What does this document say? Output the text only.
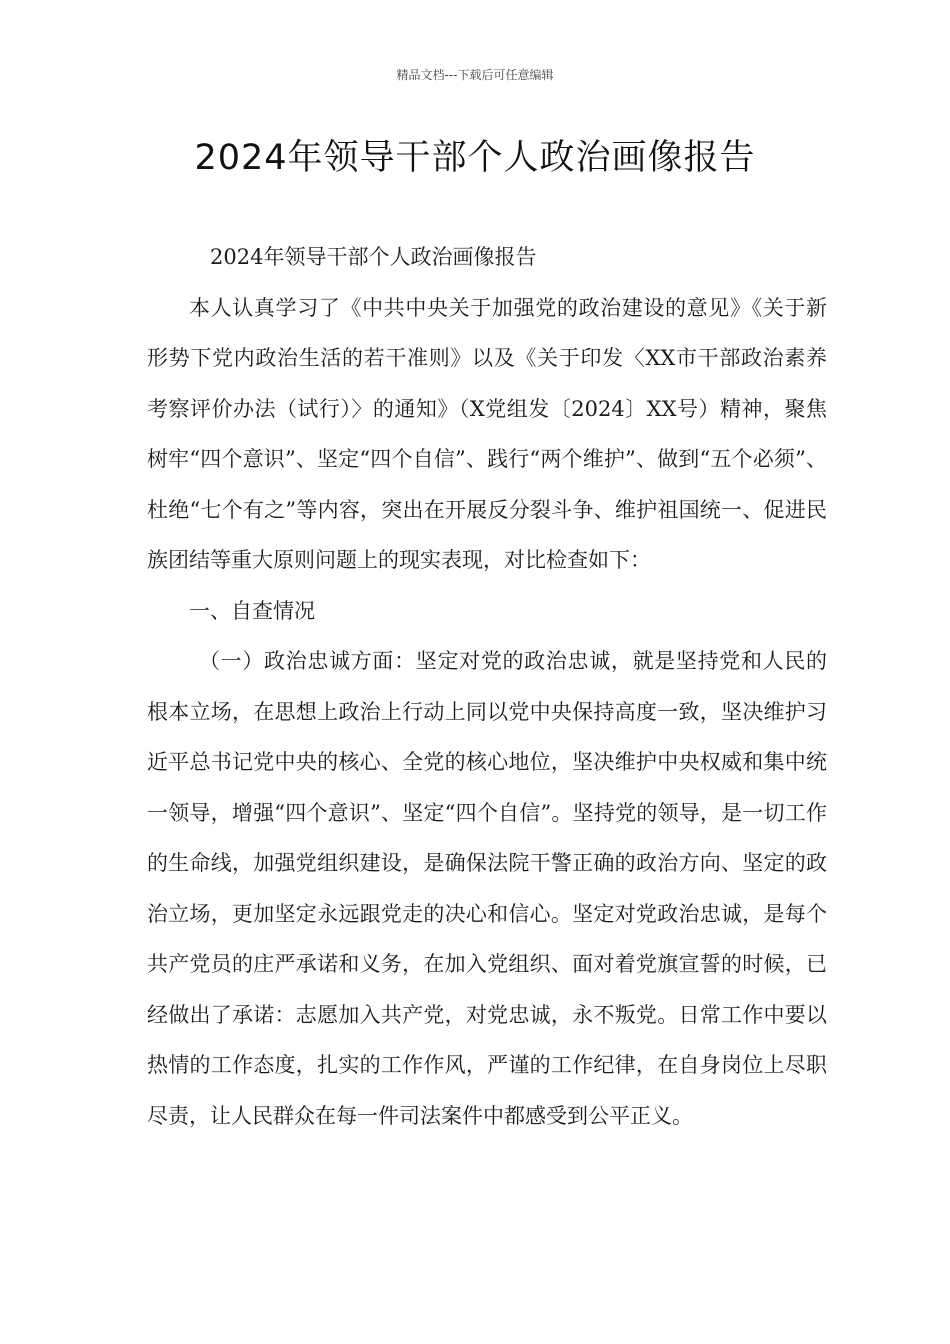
精品文档---下载后可任意编辑
2024年领导干部个人政治画像报告

2024年领导干部个人政治画像报告

本人认真学习了《中共中央关于加强党的政治建设的意见》《关于新形势下党内政治生活的若干准则》以及《关于印发〈XX市干部政治素养考察评价办法（试行）〉的通知》（X党组发〔2024〕XX号）精神，聚焦树牢“四个意识”、坚定“四个自信”、践行“两个维护”、做到“五个必须”、杜绝“七个有之”等内容，突出在开展反分裂斗争、维护祖国统一、促进民族团结等重大原则问题上的现实表现，对比检查如下：

一、自查情况

（一）政治忠诚方面：坚定对党的政治忠诚，就是坚持党和人民的根本立场，在思想上政治上行动上同以党中央保持高度一致，坚决维护习近平总书记党中央的核心、全党的核心地位，坚决维护中央权威和集中统一领导，增强“四个意识”、坚定“四个自信”。坚持党的领导，是一切工作的生命线，加强党组织建设，是确保法院干警正确的政治方向、坚定的政治立场，更加坚定永远跟党走的决心和信心。坚定对党政治忠诚，是每个共产党员的庄严承诺和义务，在加入党组织、面对着党旗宣誓的时候，已经做出了承诺：志愿加入共产党，对党忠诚，永不叛党。日常工作中要以热情的工作态度，扎实的工作作风，严谨的工作纪律，在自身岗位上尽职尽责，让人民群众在每一件司法案件中都感受到公平正义。
